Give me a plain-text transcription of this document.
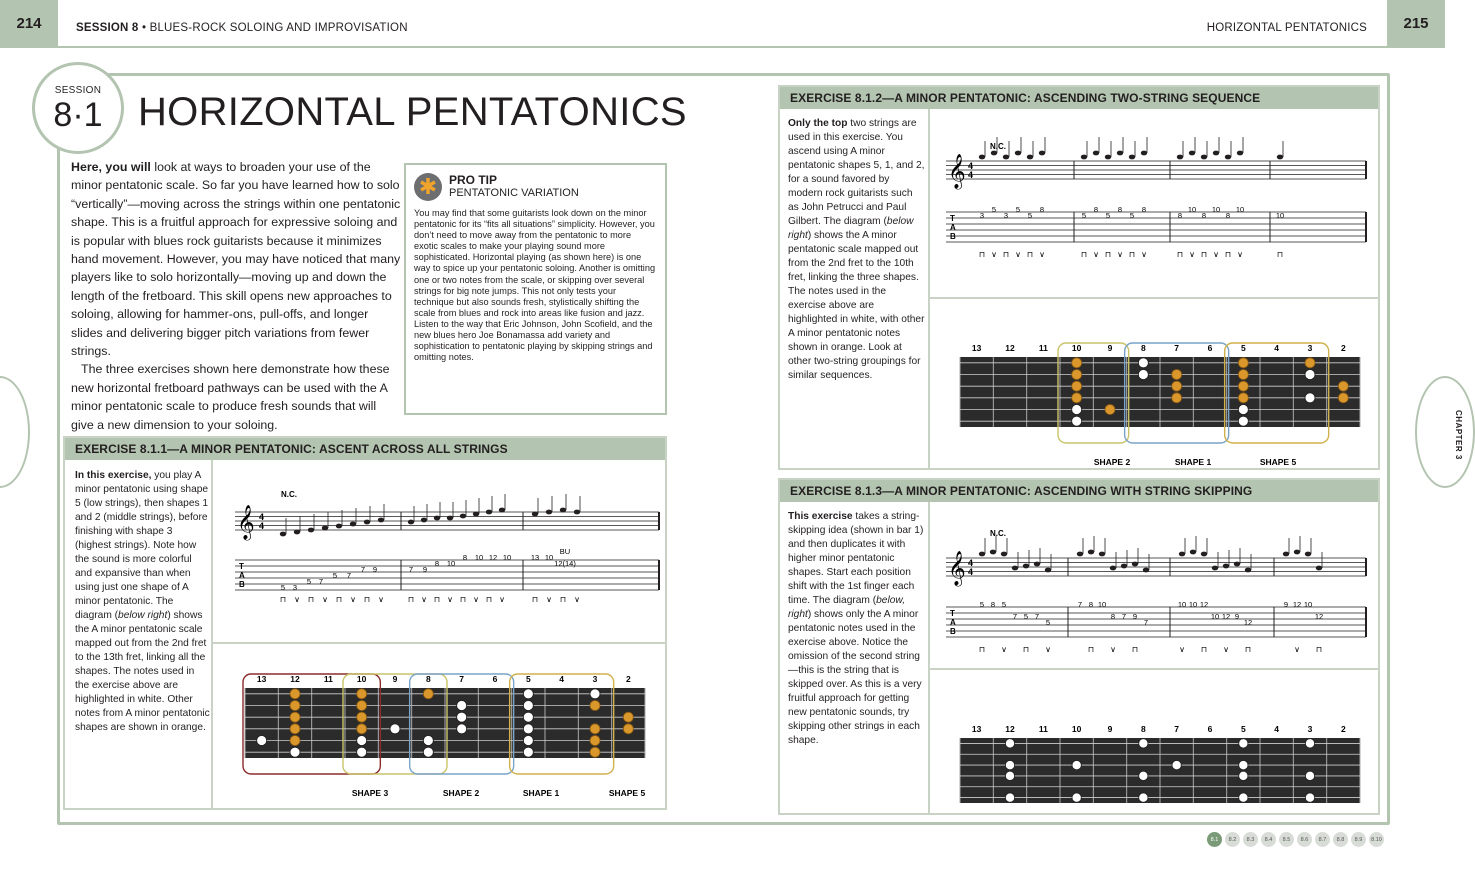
214	SESSION 8 • BLUES-ROCK SOLOING AND IMPROVISATION	HORIZONTAL PENTATONICS	215
SESSION
8·1 HORIZONTAL PENTATONICS

Here, you will look at ways to broaden your use of the minor pentatonic scale. So far you have learned how to solo “vertically”—moving across the strings within one pentatonic shape. This is a fruitful approach for expressive soloing and is popular with blues rock guitarists because it minimizes hand movement. However, you may have noticed that many players like to solo horizontally—moving up and down the length of the fretboard. This skill opens new approaches to soloing, allowing for hammer-ons, pull-offs, and longer slides and delivering bigger pitch variations from fewer strings.

The three exercises shown here demonstrate how these new horizontal fretboard pathways can be used with the A minor pentatonic scale to produce fresh sounds that will give a new dimension to your soloing.

✱ PRO TIP
PENTATONIC VARIATION
You may find that some guitarists look down on the minor pentatonic for its “fits all situations” simplicity. However, you don’t need to move away from the pentatonic to more exotic scales to make your playing sound more sophisticated. Horizontal playing (as shown here) is one way to spice up your pentatonic soloing. Another is omitting one or two notes from the scale, or skipping over several strings for big note jumps. This not only tests your technique but also sounds fresh, stylistically shifting the scale from blues and rock into areas like fusion and jazz. Listen to the way that Eric Johnson, John Scofield, and the new blues hero Joe Bonamassa add variety and sophistication to pentatonic playing by skipping strings and omitting notes.
EXERCISE 8.1.1—A MINOR PENTATONIC: ASCENT ACROSS ALL STRINGS
In this exercise, you play A minor pentatonic using shape 5 (low strings), then shapes 1 and 2 (middle strings), before finishing with shape 3 (highest strings). Note how the sound is more colorful and expansive than when using just one shape of A minor pentatonic. The diagram (below right) shows the A minor pentatonic scale mapped out from the 2nd fret to the 13th fret, linking all the shapes. The notes used in the exercise above are highlighted in white. Other notes from A minor pentatonic shapes are shown in orange.
N.C.
𝄞 4
4
T
A
B	5 3
5 7
5 7
7 9	7 9
8 10
8 10 12 10	13 10
BU
12(14)
⊓ ∨ ⊓ ∨ ⊓ ∨ ⊓ ∨	⊓ ∨ ⊓ ∨ ⊓ ∨ ⊓ ∨	⊓ ∨ ⊓ ∨
13	12	11	10	9	8	7	6	5	4	3	2
SHAPE 3	SHAPE 2	SHAPE 1	SHAPE 5
EXERCISE 8.1.2—A MINOR PENTATONIC: ASCENDING TWO-STRING SEQUENCE
Only the top two strings are used in this exercise. You ascend using A minor pentatonic shapes 5, 1, and 2, for a sound favored by modern rock guitarists such as John Petrucci and Paul Gilbert. The diagram (below right) shows the A minor pentatonic scale mapped out from the 2nd fret to the 10th fret, linking the three shapes. The notes used in the exercise above are highlighted in white, with other A minor pentatonic notes shown in orange. Look at other two-string groupings for similar sequences.
N.C.
𝄞 4
4
T
A
B
3
5
3
5
5
8
5
8
5
8
5
8
8
10
8
10
8
10
10
⊓ ∨ ⊓ ∨ ⊓ ∨	⊓ ∨ ⊓ ∨ ⊓ ∨	⊓ ∨ ⊓ ∨ ⊓ ∨	⊓
13	12	11	10	9	8	7	6	5	4	3	2
SHAPE 2	SHAPE 1	SHAPE 5
EXERCISE 8.1.3—A MINOR PENTATONIC: ASCENDING WITH STRING SKIPPING
This exercise takes a string-skipping idea (shown in bar 1) and then duplicates it with higher minor pentatonic shapes. Start each position shift with the 1st finger each time. The diagram (below, right) shows only the A minor pentatonic notes used in the exercise above. Notice the omission of the second string—this is the string that is skipped over. As this is a very fruitful approach for getting new pentatonic sounds, try skipping other strings in each shape.
N.C.
𝄞 4
4
T
A
B
5 8 5
7 5 7
5
7 8 10
8 7 9
7
10 10 12
10 12 9
12
9 12 10
12
⊓ ∨ ⊓ ∨	⊓ ∨ ⊓	∨ ⊓ ∨ ⊓	∨ ⊓
13	12	11	10	9	8	7	6	5	4	3	2
CHAPTER 3
8.1	8.2	8.3	8.4	8.5	8.6	8.7	8.8	8.9	8.10
